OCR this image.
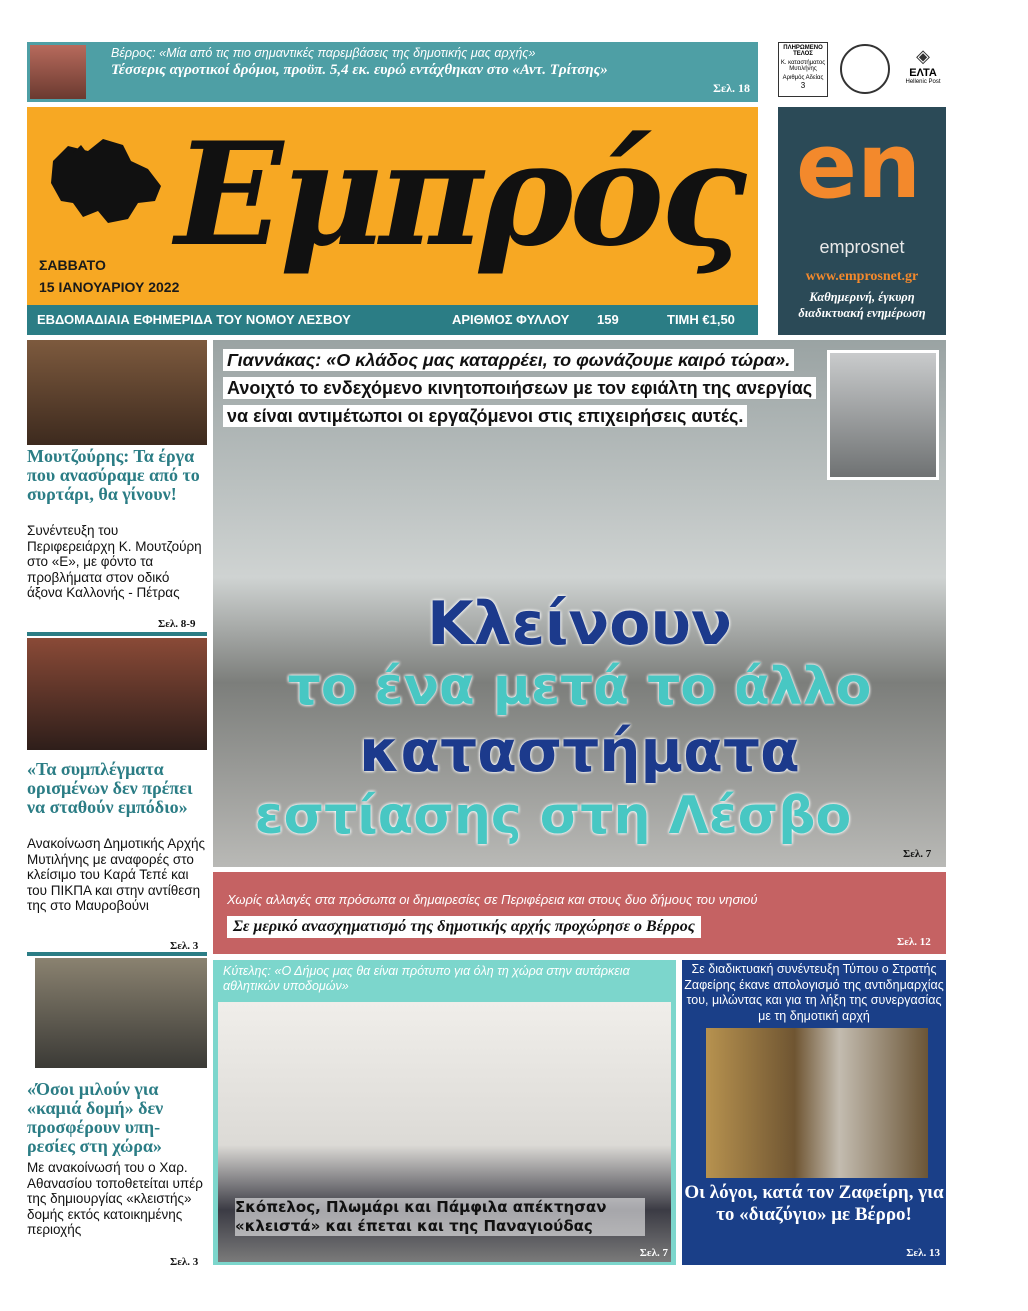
Βέρρος: «Μία από τις πιο σημαντικές παρεμβάσεις της δημοτικής μας αρχής»
Τέσσερις αγροτικοί δρόμοι, προϋπ. 5,4 εκ. ευρώ εντάχθηκαν στο «Αντ. Τρίτσης»
Σελ. 18
ΠΛΗΡΩΜΕΝΟ ΤΕΛΟΣ
Κ. καταστήματος Μυτιλήνης
Αριθμός Αδείας
3
◈
ΕΛΤΑ
Hellenic Post
Εμπρός
ΣΑΒΒΑΤΟ
15 ΙΑΝΟΥΑΡΙΟΥ 2022
ΕΒΔΟΜΑΔΙΑΙΑ ΕΦΗΜΕΡΙΔΑ ΤΟΥ ΝΟΜΟΥ ΛΕΣΒΟΥ	ΑΡΙΘΜΟΣ ΦΥΛΛΟΥ 159	ΤΙΜΗ €1,50
en
emprosnet
www.emprosnet.gr
Καθημερινή, έγκυρη διαδικτυακή ενημέρωση
Μουτζούρης: Τα έργα που ανασύραμε από το συρτάρι, θα γίνουν!
Συνέντευξη του Περιφερειάρχη Κ. Μουτζούρη στο «Ε», με φόντο τα προβλήματα στον οδικό άξονα Καλλονής - Πέτρας
Σελ. 8-9
«Τα συμπλέγματα ορισμένων δεν πρέπει να σταθούν εμπόδιο»
Ανακοίνωση Δημοτικής Αρχής Μυτιλήνης με αναφορές στο κλείσιμο του Καρά Τεπέ και του ΠΙΚΠΑ και στην αντίθεση της στο Μαυροβούνι
Σελ. 3
«Όσοι μιλούν για «καμιά δομή» δεν προσφέρουν υπη-ρεσίες στη χώρα»
Με ανακοίνωσή του ο Χαρ. Αθανασίου τοποθετείται υπέρ της δημιουργίας «κλειστής» δομής εκτός κατοικημένης περιοχής
Σελ. 3
Γιαννάκας: «Ο κλάδος μας καταρρέει, το φωνάζουμε καιρό τώρα». Ανοιχτό το ενδεχόμενο κινητοποιήσεων με τον εφιάλτη της ανεργίας να είναι αντιμέτωποι οι εργαζόμενοι στις επιχειρήσεις αυτές.
Κλείνουν
το ένα μετά το άλλο
καταστήματα
εστίασης στη Λέσβο
Σελ. 7
Χωρίς αλλαγές στα πρόσωπα οι δημαιρεσίες σε Περιφέρεια και στους δυο δήμους του νησιού
Σε μερικό ανασχηματισμό της δημοτικής αρχής προχώρησε ο Βέρρος
Σελ. 12
Κύτελης: «Ο Δήμος μας θα είναι πρότυπο για όλη τη χώρα στην αυτάρκεια αθλητικών υποδομών»
Σκόπελος, Πλωμάρι και Πάμφιλα απέκτησαν «κλειστά» και έπεται και της Παναγιούδας
Σελ. 7
Σε διαδικτυακή συνέντευξη Τύπου ο Στρατής Ζαφείρης έκανε απολογισμό της αντιδημαρχίας του, μιλώντας και για τη λήξη της συνεργασίας με τη δημοτική αρχή
Οι λόγοι, κατά τον Ζαφείρη, για το «διαζύγιο» με Βέρρο!
Σελ. 13
